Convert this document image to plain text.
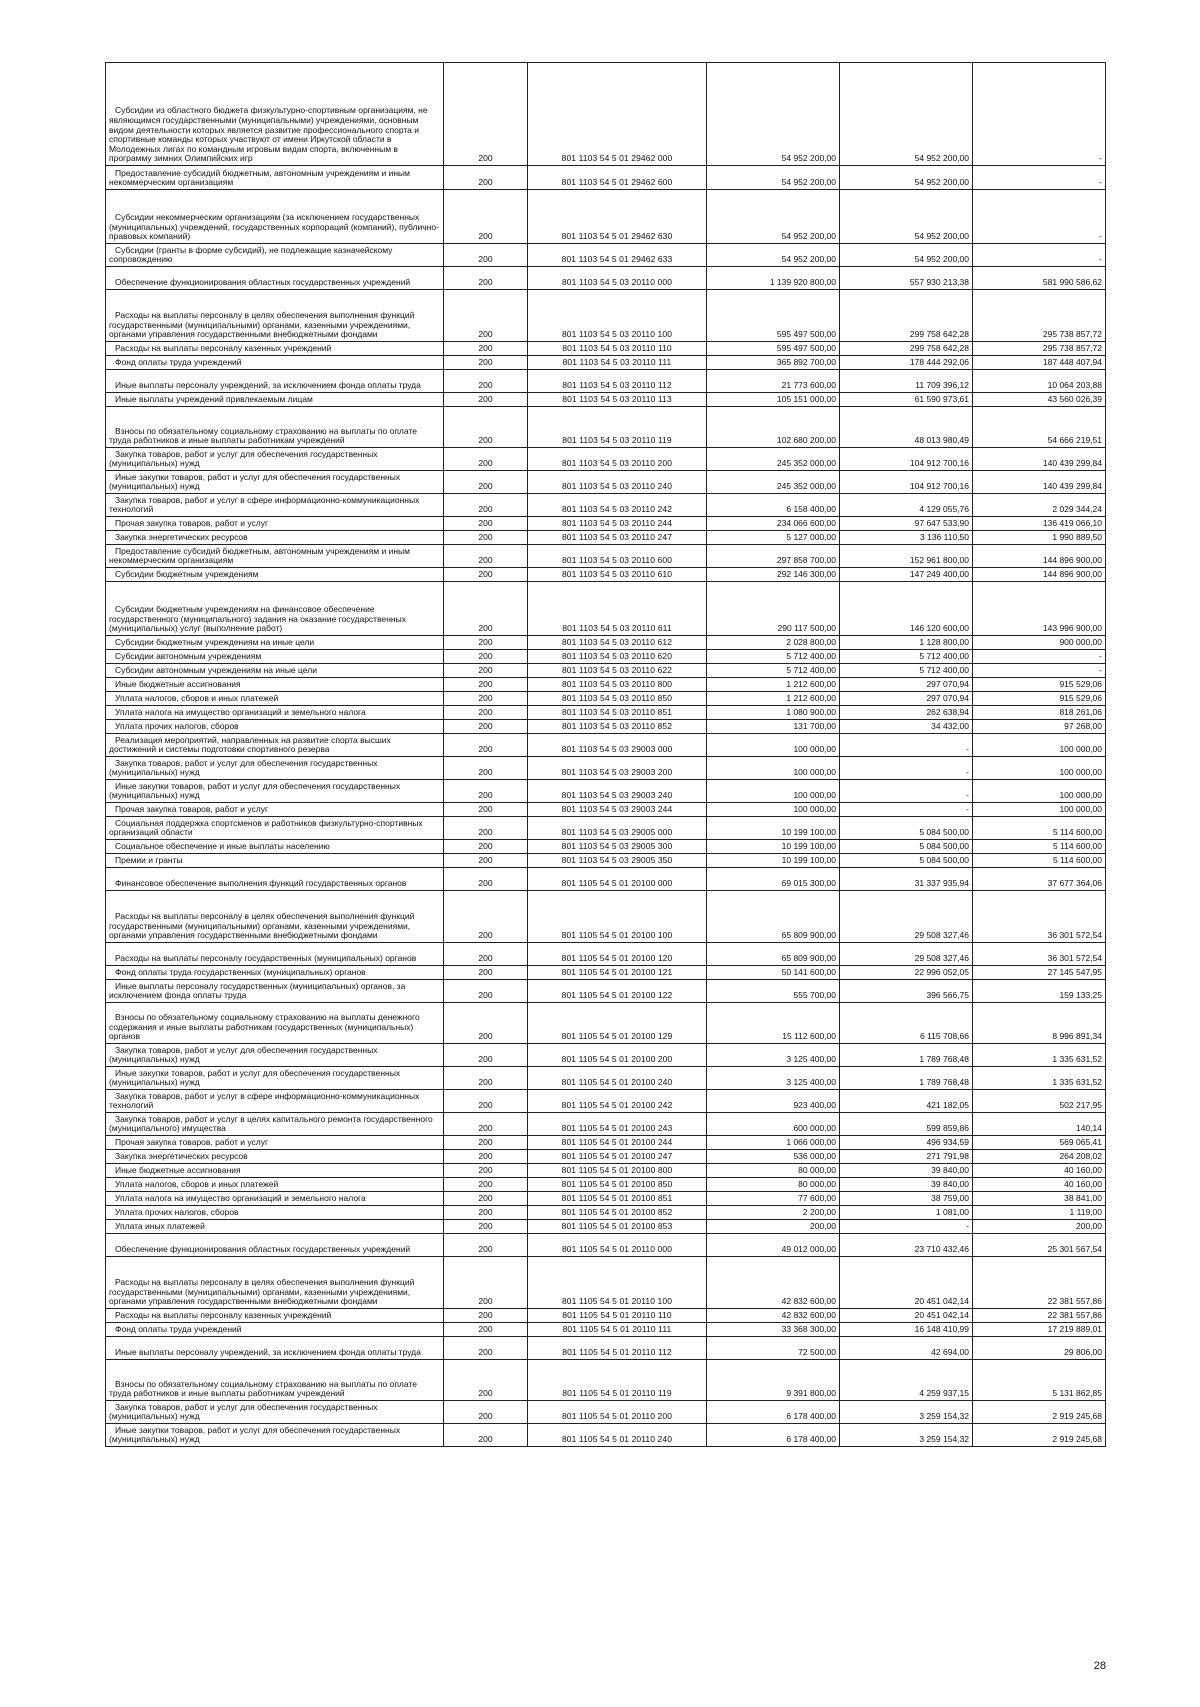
Субсидии из областного бюджета физкультурно-спортивным организациям, не являющимся государственными (муниципальными) учреждениями, основным видом деятельности которых является развитие профессионального спорта и спортивные команды которых участвуют от имени Иркутской области в Молодежных лигах по командным игровым видам спорта, включенным в программу зимних Олимпийских игр	200	801 1103 54 5 01 29462 000	54 952 200,00	54 952 200,00	-
Предоставление субсидий бюджетным, автономным учреждениям и иным некоммерческим организациям	200	801 1103 54 5 01 29462 600	54 952 200,00	54 952 200,00	-
Субсидии некоммерческим организациям (за исключением государственных (муниципальных) учреждений, государственных корпораций (компаний), публично-правовых компаний)	200	801 1103 54 5 01 29462 630	54 952 200,00	54 952 200,00	-
Субсидии (гранты в форме субсидий), не подлежащие казначейскому сопровождению	200	801 1103 54 5 01 29462 633	54 952 200,00	54 952 200,00	-
Обеспечение функционирования областных государственных учреждений	200	801 1103 54 5 03 20110 000	1 139 920 800,00	557 930 213,38	581 990 586,62
Расходы на выплаты персоналу в целях обеспечения выполнения функций государственными (муниципальными) органами, казенными учреждениями, органами управления государственными внебюджетными фондами	200	801 1103 54 5 03 20110 100	595 497 500,00	299 758 642,28	295 738 857,72
Расходы на выплаты персоналу казенных учреждений	200	801 1103 54 5 03 20110 110	595 497 500,00	299 758 642,28	295 738 857,72
Фонд оплаты труда учреждений	200	801 1103 54 5 03 20110 111	365 892 700,00	178 444 292,06	187 448 407,94
Иные выплаты персоналу учреждений, за исключением фонда оплаты труда	200	801 1103 54 5 03 20110 112	21 773 600,00	11 709 396,12	10 064 203,88
Иные выплаты учреждений привлекаемым лицам	200	801 1103 54 5 03 20110 113	105 151 000,00	61 590 973,61	43 560 026,39
Взносы по обязательному социальному страхованию на выплаты по оплате труда работников и иные выплаты работникам учреждений	200	801 1103 54 5 03 20110 119	102 680 200,00	48 013 980,49	54 666 219,51
Закупка товаров, работ и услуг для обеспечения государственных (муниципальных) нужд	200	801 1103 54 5 03 20110 200	245 352 000,00	104 912 700,16	140 439 299,84
Иные закупки товаров, работ и услуг для обеспечения государственных (муниципальных) нужд	200	801 1103 54 5 03 20110 240	245 352 000,00	104 912 700,16	140 439 299,84
Закупка товаров, работ и услуг в сфере информационно-коммуникационных технологий	200	801 1103 54 5 03 20110 242	6 158 400,00	4 129 055,76	2 029 344,24
Прочая закупка товаров, работ и услуг	200	801 1103 54 5 03 20110 244	234 066 600,00	97 647 533,90	136 419 066,10
Закупка энергетических ресурсов	200	801 1103 54 5 03 20110 247	5 127 000,00	3 136 110,50	1 990 889,50
Предоставление субсидий бюджетным, автономным учреждениям и иным некоммерческим организациям	200	801 1103 54 5 03 20110 600	297 858 700,00	152 961 800,00	144 896 900,00
Субсидии бюджетным учреждениям	200	801 1103 54 5 03 20110 610	292 146 300,00	147 249 400,00	144 896 900,00
Субсидии бюджетным учреждениям на финансовое обеспечение государственного (муниципального) задания на оказание государственных (муниципальных) услуг (выполнение работ)	200	801 1103 54 5 03 20110 611	290 117 500,00	146 120 600,00	143 996 900,00
Субсидии бюджетным учреждениям на иные цели	200	801 1103 54 5 03 20110 612	2 028 800,00	1 128 800,00	900 000,00
Субсидии автономным учреждениям	200	801 1103 54 5 03 20110 620	5 712 400,00	5 712 400,00	-
Субсидии автономным учреждениям на иные цели	200	801 1103 54 5 03 20110 622	5 712 400,00	5 712 400,00	-
Иные бюджетные ассигнования	200	801 1103 54 5 03 20110 800	1 212 600,00	297 070,94	915 529,06
Уплата налогов, сборов и иных платежей	200	801 1103 54 5 03 20110 850	1 212 600,00	297 070,94	915 529,06
Уплата налога на имущество организаций и земельного налога	200	801 1103 54 5 03 20110 851	1 080 900,00	262 638,94	818 261,06
Уплата прочих налогов, сборов	200	801 1103 54 5 03 20110 852	131 700,00	34 432,00	97 268,00
Реализация мероприятий, направленных на развитие спорта высших достижений и системы подготовки спортивного резерва	200	801 1103 54 5 03 29003 000	100 000,00	-	100 000,00
Закупка товаров, работ и услуг для обеспечения государственных (муниципальных) нужд	200	801 1103 54 5 03 29003 200	100 000,00	-	100 000,00
Иные закупки товаров, работ и услуг для обеспечения государственных (муниципальных) нужд	200	801 1103 54 5 03 29003 240	100 000,00	-	100 000,00
Прочая закупка товаров, работ и услуг	200	801 1103 54 5 03 29003 244	100 000,00	-	100 000,00
Социальная поддержка спортсменов и работников физкультурно-спортивных организаций области	200	801 1103 54 5 03 29005 000	10 199 100,00	5 084 500,00	5 114 600,00
Социальное обеспечение и иные выплаты населению	200	801 1103 54 5 03 29005 300	10 199 100,00	5 084 500,00	5 114 600,00
Премии и гранты	200	801 1103 54 5 03 29005 350	10 199 100,00	5 084 500,00	5 114 600,00
Финансовое обеспечение выполнения функций государственных органов	200	801 1105 54 5 01 20100 000	69 015 300,00	31 337 935,94	37 677 364,06
Расходы на выплаты персоналу в целях обеспечения выполнения функций государственными (муниципальными) органами, казенными учреждениями, органами управления государственными внебюджетными фондами	200	801 1105 54 5 01 20100 100	65 809 900,00	29 508 327,46	36 301 572,54
Расходы на выплаты персоналу государственных (муниципальных) органов	200	801 1105 54 5 01 20100 120	65 809 900,00	29 508 327,46	36 301 572,54
Фонд оплаты труда государственных (муниципальных) органов	200	801 1105 54 5 01 20100 121	50 141 600,00	22 996 052,05	27 145 547,95
Иные выплаты персоналу государственных (муниципальных) органов, за исключением фонда оплаты труда	200	801 1105 54 5 01 20100 122	555 700,00	396 566,75	159 133,25
Взносы по обязательному социальному страхованию на выплаты денежного содержания и иные выплаты работникам государственных (муниципальных) органов	200	801 1105 54 5 01 20100 129	15 112 600,00	6 115 708,66	8 996 891,34
Закупка товаров, работ и услуг для обеспечения государственных (муниципальных) нужд	200	801 1105 54 5 01 20100 200	3 125 400,00	1 789 768,48	1 335 631,52
Иные закупки товаров, работ и услуг для обеспечения государственных (муниципальных) нужд	200	801 1105 54 5 01 20100 240	3 125 400,00	1 789 768,48	1 335 631,52
Закупка товаров, работ и услуг в сфере информационно-коммуникационных технологий	200	801 1105 54 5 01 20100 242	923 400,00	421 182,05	502 217,95
Закупка товаров, работ и услуг в целях капитального ремонта государственного (муниципального) имущества	200	801 1105 54 5 01 20100 243	600 000,00	599 859,86	140,14
Прочая закупка товаров, работ и услуг	200	801 1105 54 5 01 20100 244	1 066 000,00	496 934,59	569 065,41
Закупка энергетических ресурсов	200	801 1105 54 5 01 20100 247	536 000,00	271 791,98	264 208,02
Иные бюджетные ассигнования	200	801 1105 54 5 01 20100 800	80 000,00	39 840,00	40 160,00
Уплата налогов, сборов и иных платежей	200	801 1105 54 5 01 20100 850	80 000,00	39 840,00	40 160,00
Уплата налога на имущество организаций и земельного налога	200	801 1105 54 5 01 20100 851	77 600,00	38 759,00	38 841,00
Уплата прочих налогов, сборов	200	801 1105 54 5 01 20100 852	2 200,00	1 081,00	1 119,00
Уплата иных платежей	200	801 1105 54 5 01 20100 853	200,00	-	200,00
Обеспечение функционирования областных государственных учреждений	200	801 1105 54 5 01 20110 000	49 012 000,00	23 710 432,46	25 301 567,54
Расходы на выплаты персоналу в целях обеспечения выполнения функций государственными (муниципальными) органами, казенными учреждениями, органами управления государственными внебюджетными фондами	200	801 1105 54 5 01 20110 100	42 832 600,00	20 451 042,14	22 381 557,86
Расходы на выплаты персоналу казенных учреждений	200	801 1105 54 5 01 20110 110	42 832 600,00	20 451 042,14	22 381 557,86
Фонд оплаты труда учреждений	200	801 1105 54 5 01 20110 111	33 368 300,00	16 148 410,99	17 219 889,01
Иные выплаты персоналу учреждений, за исключением фонда оплаты труда	200	801 1105 54 5 01 20110 112	72 500,00	42 694,00	29 806,00
Взносы по обязательному социальному страхованию на выплаты по оплате труда работников и иные выплаты работникам учреждений	200	801 1105 54 5 01 20110 119	9 391 800,00	4 259 937,15	5 131 862,85
Закупка товаров, работ и услуг для обеспечения государственных (муниципальных) нужд	200	801 1105 54 5 01 20110 200	6 178 400,00	3 259 154,32	2 919 245,68
Иные закупки товаров, работ и услуг для обеспечения государственных (муниципальных) нужд	200	801 1105 54 5 01 20110 240	6 178 400,00	3 259 154,32	2 919 245,68
28
